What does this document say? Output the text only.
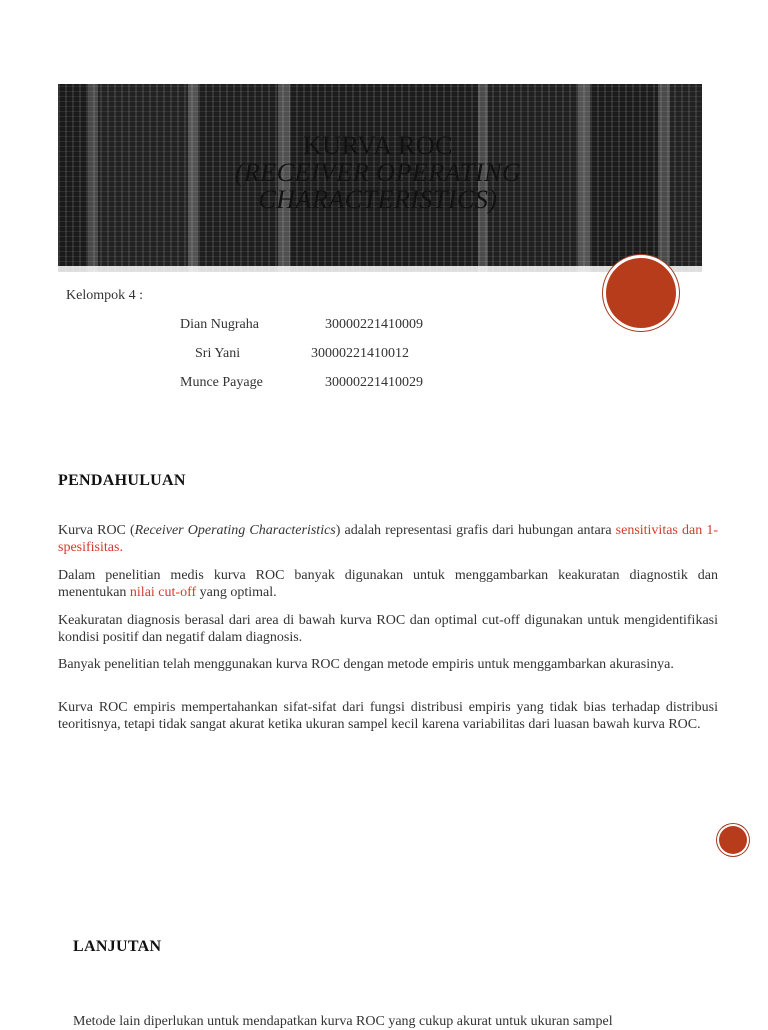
KURVA ROC
(RECEIVER OPERATING
CHARACTERISTICS)
Kelompok 4 :
Dian Nugraha	30000221410009
Sri Yani	30000221410012
Munce Payage	30000221410029
PENDAHULUAN
Kurva ROC (Receiver Operating Characteristics) adalah representasi grafis dari hubungan antara sensitivitas dan 1-spesifisitas.
Dalam penelitian medis kurva ROC banyak digunakan untuk menggambarkan keakuratan diagnostik dan menentukan nilai cut-off yang optimal.
Keakuratan diagnosis berasal dari area di bawah kurva ROC dan optimal cut-off digunakan untuk mengidentifikasi kondisi positif dan negatif dalam diagnosis.
Banyak penelitian telah menggunakan kurva ROC dengan metode empiris untuk menggambarkan akurasinya.
Kurva ROC empiris mempertahankan sifat-sifat dari fungsi distribusi empiris yang tidak bias terhadap distribusi teoritisnya, tetapi tidak sangat akurat ketika ukuran sampel kecil karena variabilitas dari luasan bawah kurva ROC.
LANJUTAN
Metode lain diperlukan untuk mendapatkan kurva ROC yang cukup akurat untuk ukuran sampel
